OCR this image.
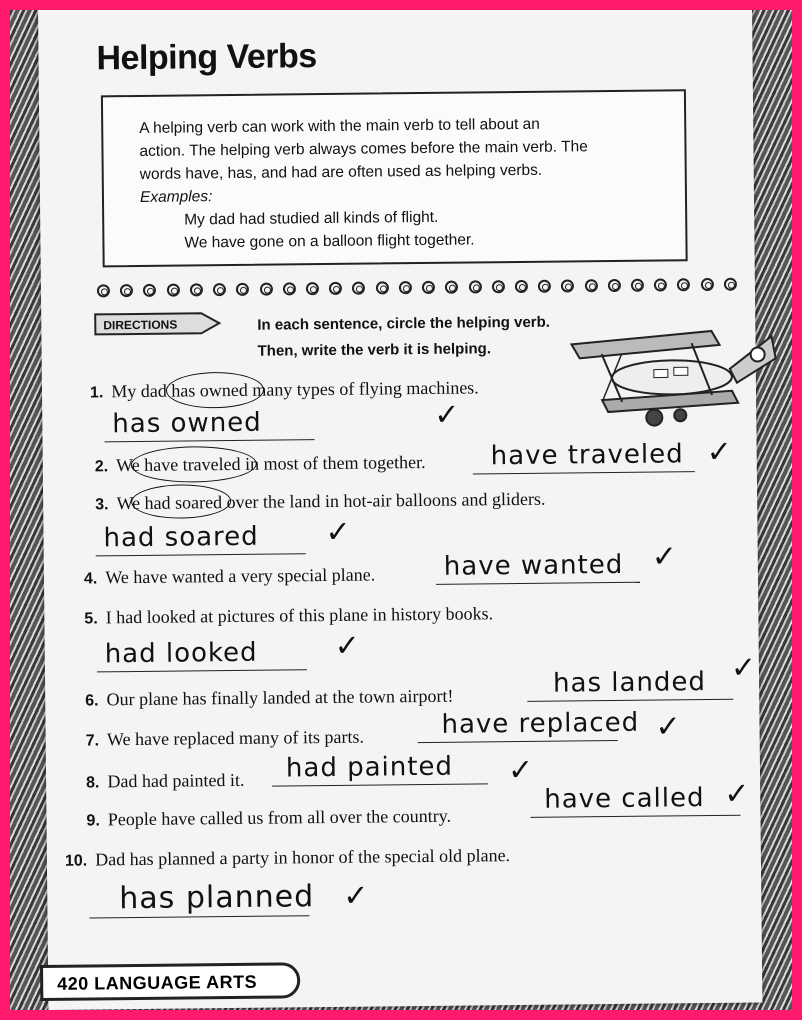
Helping Verbs
A helping verb can work with the main verb to tell about an
action. The helping verb always comes before the main verb. The
words have, has, and had are often used as helping verbs.
Examples:
My dad had studied all kinds of flight.
We have gone on a balloon flight together.
DIRECTIONS	In each sentence, circle the helping verb.
Then, write the verb it is helping.
1. My dad has owned many types of flying machines.
has owned	✓
2. We have traveled in most of them together. have traveled ✓
3. We had soared over the land in hot-air balloons and gliders.
had soared ✓
4. We have wanted a very special plane.	have wanted ✓
5. I had looked at pictures of this plane in history books.
had looked	✓
6. Our plane has finally landed at the town airport!	has landed ✓
7. We have replaced many of its parts.	have replaced ✓
8. Dad had painted it. had painted ✓
9. People have called us from all over the country.
have called ✓
10. Dad has planned a party in honor of the special old plane.
has planned ✓
420 LANGUAGE ARTS
